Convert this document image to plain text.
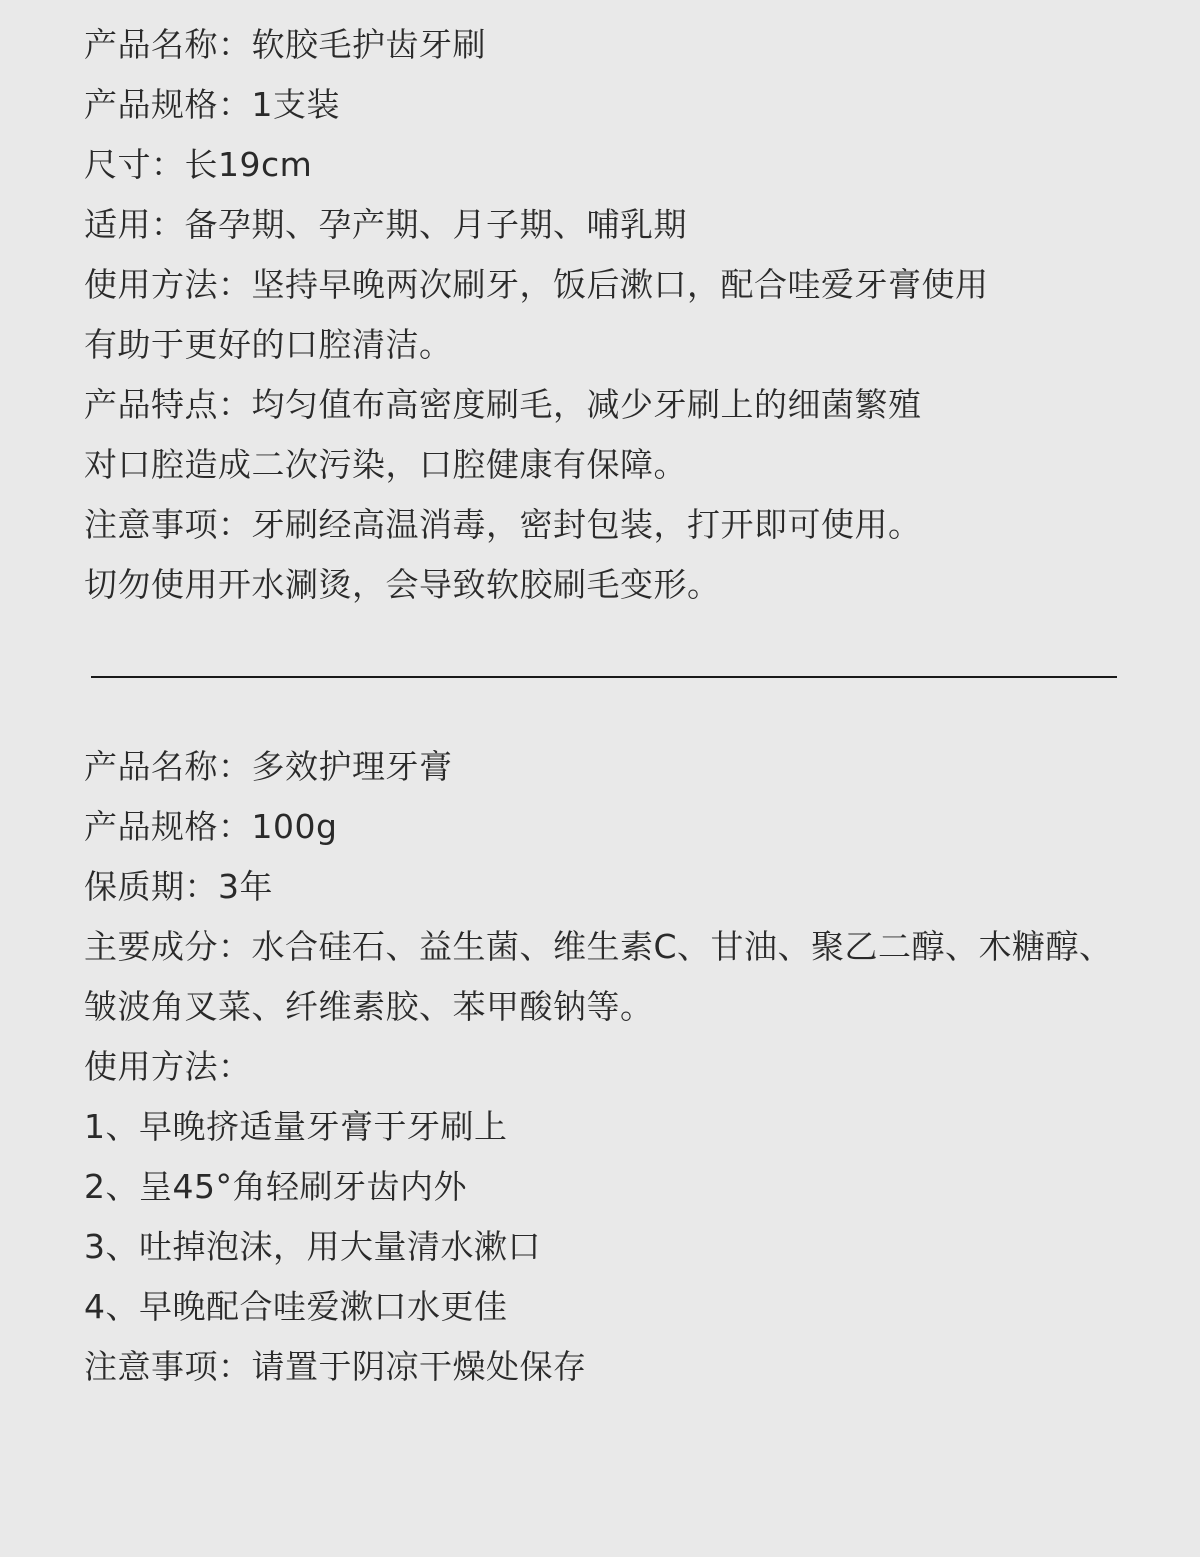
产品名称：软胶毛护齿牙刷
产品规格：1支装
尺寸：长19cm
适用：备孕期、孕产期、月子期、哺乳期
使用方法：坚持早晚两次刷牙，饭后漱口，配合哇爱牙膏使用
有助于更好的口腔清洁。
产品特点：均匀值布高密度刷毛，减少牙刷上的细菌繁殖
对口腔造成二次污染，口腔健康有保障。
注意事项：牙刷经高温消毒，密封包装，打开即可使用。
切勿使用开水涮烫，会导致软胶刷毛变形。
产品名称：多效护理牙膏
产品规格：100g
保质期：3年
主要成分：水合硅石、益生菌、维生素C、甘油、聚乙二醇、木糖醇、
皱波角叉菜、纤维素胶、苯甲酸钠等。
使用方法：
1、早晚挤适量牙膏于牙刷上
2、呈45°角轻刷牙齿内外
3、吐掉泡沫，用大量清水漱口
4、早晚配合哇爱漱口水更佳
注意事项：请置于阴凉干燥处保存
